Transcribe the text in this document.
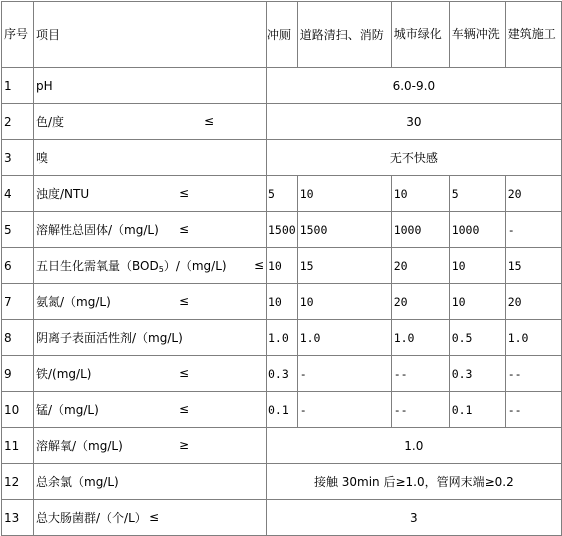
序号	项目	冲厕	道路清扫、消防	城市绿化	车辆冲洗	建筑施工
1	pH	6.0-9.0				
2	色/度 ≤	30				
3	嗅	无不快感				
4	浊度/NTU ≤	5	10	10	5	20
5	溶解性总固体/（mg/L) ≤	1500	1500	1000	1000	-
6	五日生化需氧量$(BOD_5)/(mg/L)$ ≤	10	15	20	10	15
7	氨氮/（mg/L) ≤	10	10	20	10	20
8	阴离子表面活性剂/（mg/L)	1.0	1.0	1.0	0.5	1.0
9	铁/(mg/L) ≤	0.3	-	--	0.3	--
10	锰/（mg/L) ≤	0.1	-	--	0.1	--
11	溶解氧/（mg/L) ≥	1.0				
12	总余氯（mg/L)	接触 30min 后≥1.0，管网末端≥0.2				
13	总大肠菌群/（个/L） ≤	3				
